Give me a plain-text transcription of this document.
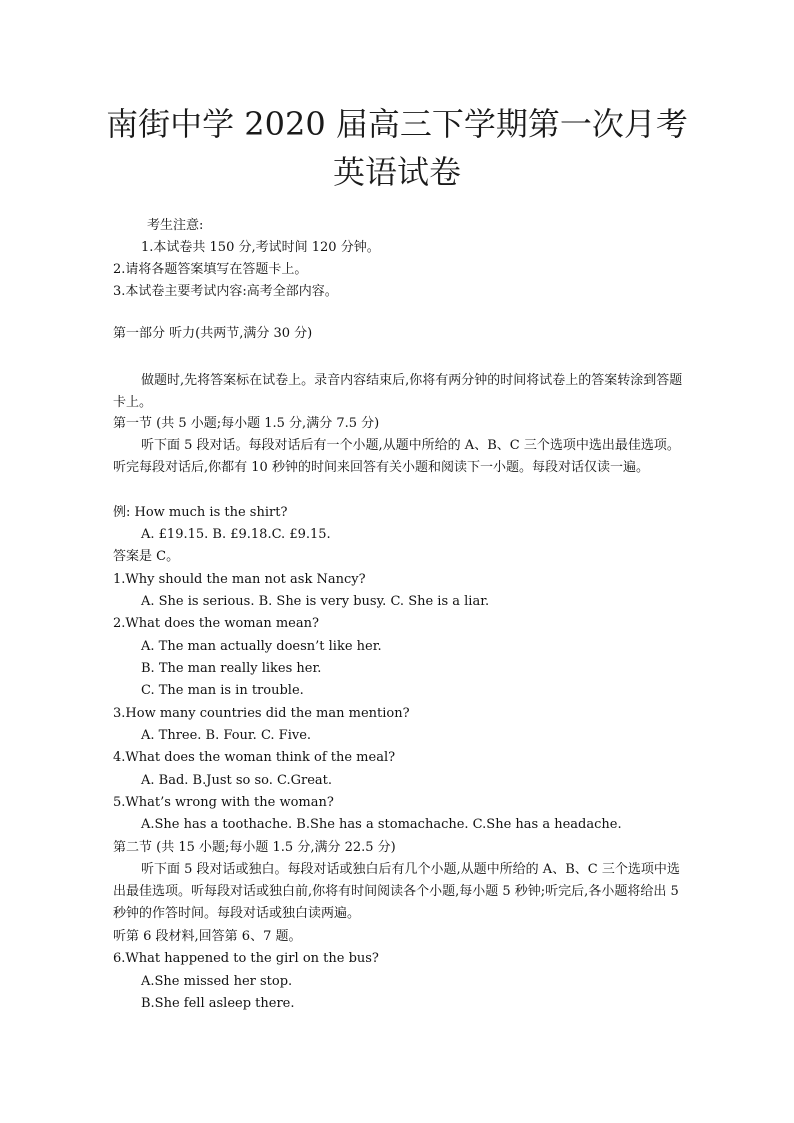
南街中学 2020 届高三下学期第一次月考
英语试卷
考生注意:
1.本试卷共 150 分,考试时间 120 分钟。
2.请将各题答案填写在答题卡上。
3.本试卷主要考试内容:高考全部内容。
第一部分 听力(共两节,满分 30 分)
做题时,先将答案标在试卷上。录音内容结束后,你将有两分钟的时间将试卷上的答案转涂到答题卡上。
第一节 (共 5 小题;每小题 1.5 分,满分 7.5 分)
听下面 5 段对话。每段对话后有一个小题,从题中所给的 A、B、C 三个选项中选出最佳选项。听完每段对话后,你都有 10 秒钟的时间来回答有关小题和阅读下一小题。每段对话仅读一遍。
例: How much is the shirt?
A. £19.15. B. £9.18.C. £9.15.
答案是 C。
1.Why should the man not ask Nancy?
A. She is serious. B. She is very busy. C. She is a liar.
2.What does the woman mean?
A. The man actually doesn’t like her.
B. The man really likes her.
C. The man is in trouble.
3.How many countries did the man mention?
A. Three. B. Four. C. Five.
4.What does the woman think of the meal?
A. Bad. B.Just so so. C.Great.
5.What’s wrong with the woman?
A.She has a toothache. B.She has a stomachache. C.She has a headache.
第二节 (共 15 小题;每小题 1.5 分,满分 22.5 分)
听下面 5 段对话或独白。每段对话或独白后有几个小题,从题中所给的 A、B、C 三个选项中选出最佳选项。听每段对话或独白前,你将有时间阅读各个小题,每小题 5 秒钟;听完后,各小题将给出 5 秒钟的作答时间。每段对话或独白读两遍。
听第 6 段材料,回答第 6、7 题。
6.What happened to the girl on the bus?
A.She missed her stop.
B.She fell asleep there.
